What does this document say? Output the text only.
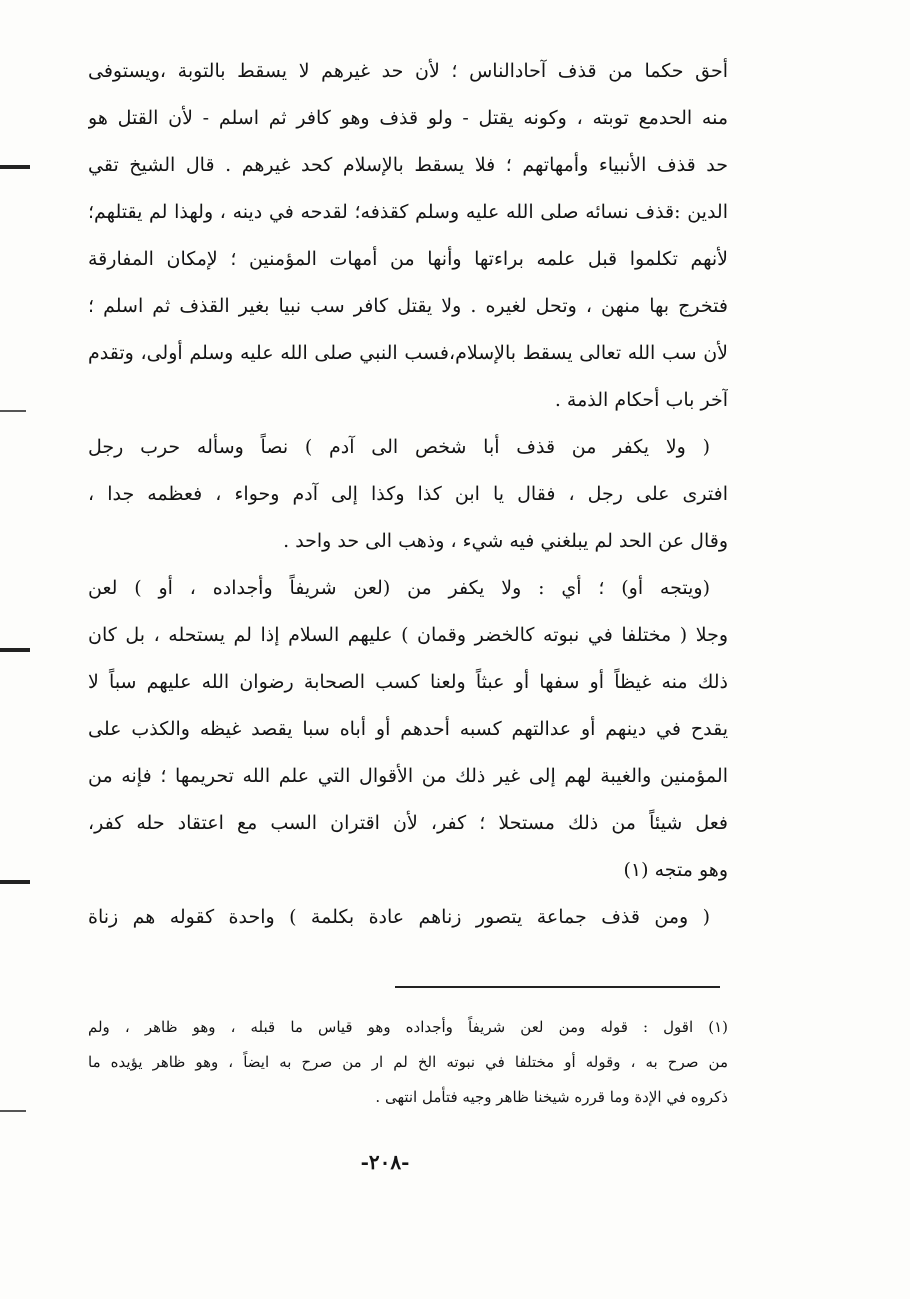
أحق حكما من قذف آحادالناس ؛ لأن حد غيرهم لا يسقط بالتوبة ،ويستوفى
منه الحدمع توبته ، وكونه يقتل - ولو قذف وهو كافر ثم اسلم - لأن القتل هو
حد قذف الأنبياء وأمهاتهم ؛ فلا يسقط بالإسلام كحد غيرهم . قال الشيخ تقي
الدين :قذف نسائه صلى الله عليه وسلم كقذفه؛ لقدحه في دينه ، ولهذا لم يقتلهم؛
لأنهم تكلموا قبل علمه براءتها وأنها من أمهات المؤمنين ؛ لإمكان المفارقة
فتخرج بها منهن ، وتحل لغيره . ولا يقتل كافر سب نبيا بغير القذف ثم اسلم ؛
لأن سب الله تعالى يسقط بالإسلام،فسب النبي صلى الله عليه وسلم أولى، وتقدم
آخر باب أحكام الذمة .
( ولا يكفر من قذف أبا شخص الى آدم ) نصاً وسأله حرب رجل
افترى على رجل ، فقال يا ابن كذا وكذا إلى آدم وحواء ، فعظمه جدا ،
وقال عن الحد لم يبلغني فيه شيء ، وذهب الى حد واحد .
(ويتجه أو) ؛ أي : ولا يكفر من (لعن شريفاً وأجداده ، أو ) لعن
وجلا ( مختلفا في نبوته كالخضر وقمان ) عليهم السلام إذا لم يستحله ، بل كان
ذلك منه غيظاً أو سفها أو عبثاً ولعنا كسب الصحابة رضوان الله عليهم سباً لا
يقدح في دينهم أو عدالتهم كسبه أحدهم أو أباه سبا يقصد غيظه والكذب على
المؤمنين والغيبة لهم إلى غير ذلك من الأقوال التي علم الله تحريمها ؛ فإنه من
فعل شيئاً من ذلك مستحلا ؛ كفر، لأن اقتران السب مع اعتقاد حله كفر،
وهو متجه (١)
( ومن قذف جماعة يتصور زناهم عادة بكلمة ) واحدة كقوله هم زناة
(١) اقول : قوله ومن لعن شريفاً وأجداده وهو قياس ما قبله ، وهو ظاهر ، ولم
من صرح به ، وقوله أو مختلفا في نبوته الخ لم ار من صرح به ايضاً ، وهو ظاهر يؤيده ما
ذكروه في الإدة وما قرره شيخنا ظاهر وجيه فتأمل انتهى .
-٢٠٨-
